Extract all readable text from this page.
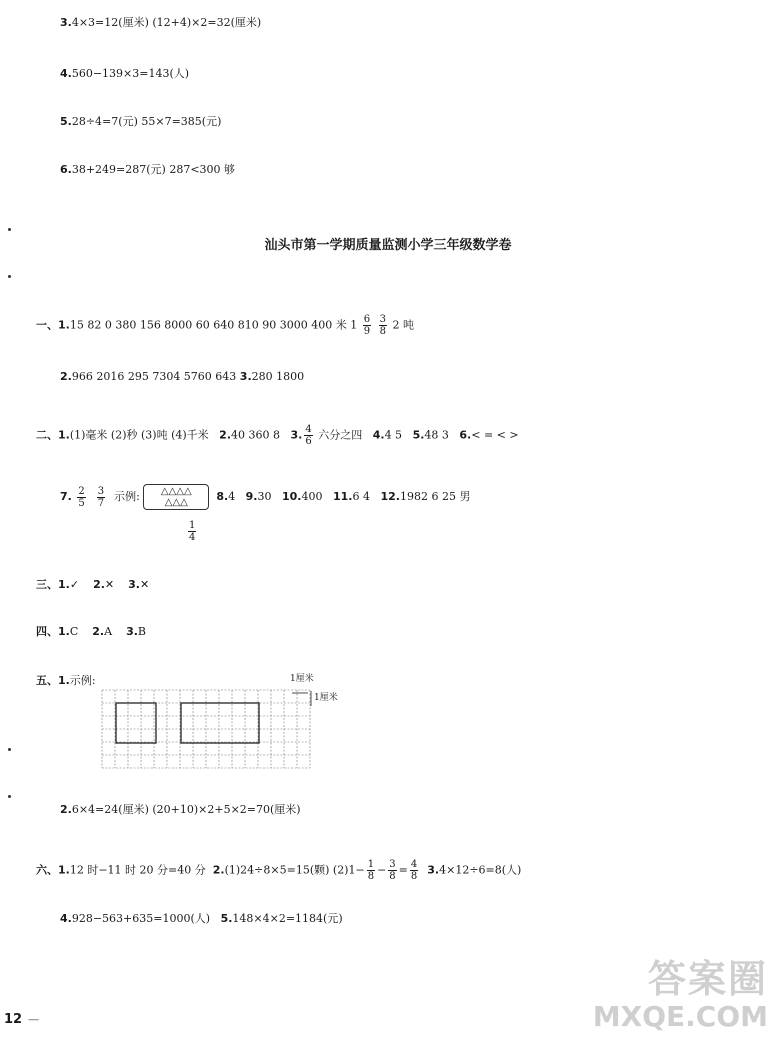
3.4×3=12(厘米) (12+4)×2=32(厘米)
4.560−139×3=143(人)
5.28÷4=7(元) 55×7=385(元)
6.38+249=287(元) 287<300 够
汕头市第一学期质量监测小学三年级数学卷
一、1.15 82 0 380 156 8000 60 640 810 90 3000 400 米 $1 \frac{6}{9}$
$\frac{3}{8} 2$ 吨
2.966 2016 295 7304 5760 643 3.280 1800
二、1.(1)毫米 (2)秒 (3)吨 (4)千米 2.40 360 8 3. $\frac{4}{6}$ 六分之四 4.4 5 5.48 3 6.< = < >
7. $\frac{2}{5}$
$\frac{3}{7}$ 示例:	△△△△
△△△	8.4 9.30 10.400 11.6 4 12.1982 6 25 男
$\frac{1}{4}$
三、1.✓ 2.✕ 3.✕
四、1.C 2.A 3.B
五、1.示例:	1厘米
1厘米
2.6×4=24(厘米) (20+10)×2+5×2=70(厘米)
六、1.12 时−11 时 20 分=40 分 2.(1)24÷8×5=15(颗) $(2)1- \frac{1}{8} - \frac{3}{8} = \frac{4}{8} 3.4\times 12\div 6=8$(人)
4.928−563+635=1000(人) 5.148×4×2=1184(元)
12 —
答案圈
MXQE.COM
